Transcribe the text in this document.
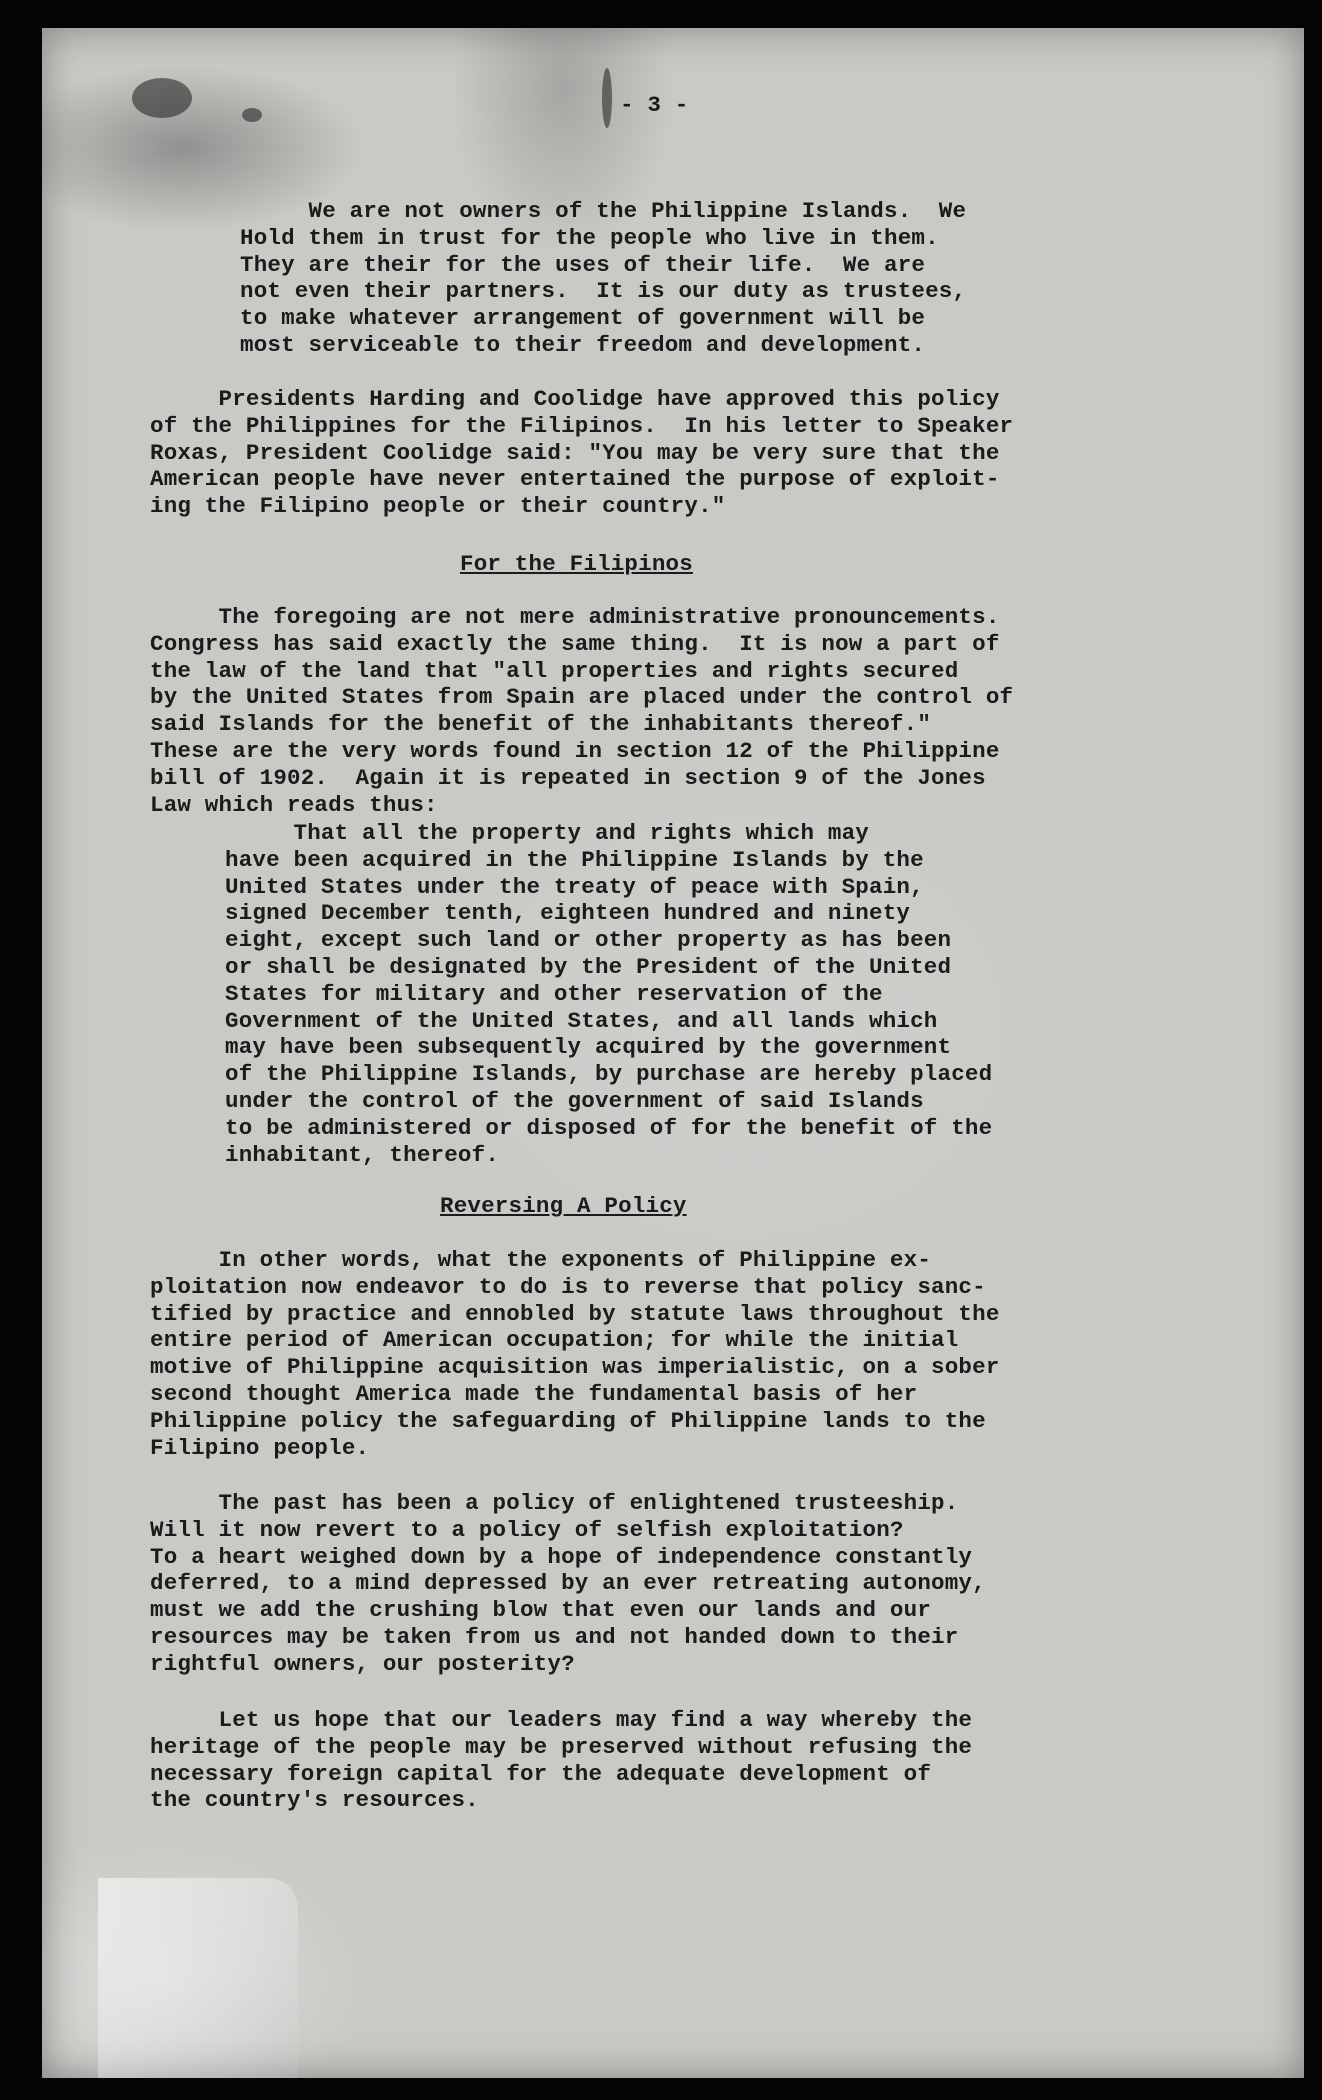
- 3 -
We are not owners of the Philippine Islands.  We
Hold them in trust for the people who live in them.
They are their for the uses of their life.  We are
not even their partners.  It is our duty as trustees,
to make whatever arrangement of government will be
most serviceable to their freedom and development.
Presidents Harding and Coolidge have approved this policy
of the Philippines for the Filipinos.  In his letter to Speaker
Roxas, President Coolidge said: "You may be very sure that the
American people have never entertained the purpose of exploit-
ing the Filipino people or their country."
For the Filipinos
The foregoing are not mere administrative pronouncements.
Congress has said exactly the same thing.  It is now a part of
the law of the land that "all properties and rights secured
by the United States from Spain are placed under the control of
said Islands for the benefit of the inhabitants thereof."
These are the very words found in section 12 of the Philippine
bill of 1902.  Again it is repeated in section 9 of the Jones
Law which reads thus:
That all the property and rights which may
have been acquired in the Philippine Islands by the
United States under the treaty of peace with Spain,
signed December tenth, eighteen hundred and ninety
eight, except such land or other property as has been
or shall be designated by the President of the United
States for military and other reservation of the
Government of the United States, and all lands which
may have been subsequently acquired by the government
of the Philippine Islands, by purchase are hereby placed
under the control of the government of said Islands
to be administered or disposed of for the benefit of the
inhabitant, thereof.
Reversing A Policy
In other words, what the exponents of Philippine ex-
ploitation now endeavor to do is to reverse that policy sanc-
tified by practice and ennobled by statute laws throughout the
entire period of American occupation; for while the initial
motive of Philippine acquisition was imperialistic, on a sober
second thought America made the fundamental basis of her
Philippine policy the safeguarding of Philippine lands to the
Filipino people.
The past has been a policy of enlightened trusteeship.
Will it now revert to a policy of selfish exploitation?
To a heart weighed down by a hope of independence constantly
deferred, to a mind depressed by an ever retreating autonomy,
must we add the crushing blow that even our lands and our
resources may be taken from us and not handed down to their
rightful owners, our posterity?
Let us hope that our leaders may find a way whereby the
heritage of the people may be preserved without refusing the
necessary foreign capital for the adequate development of
the country's resources.
